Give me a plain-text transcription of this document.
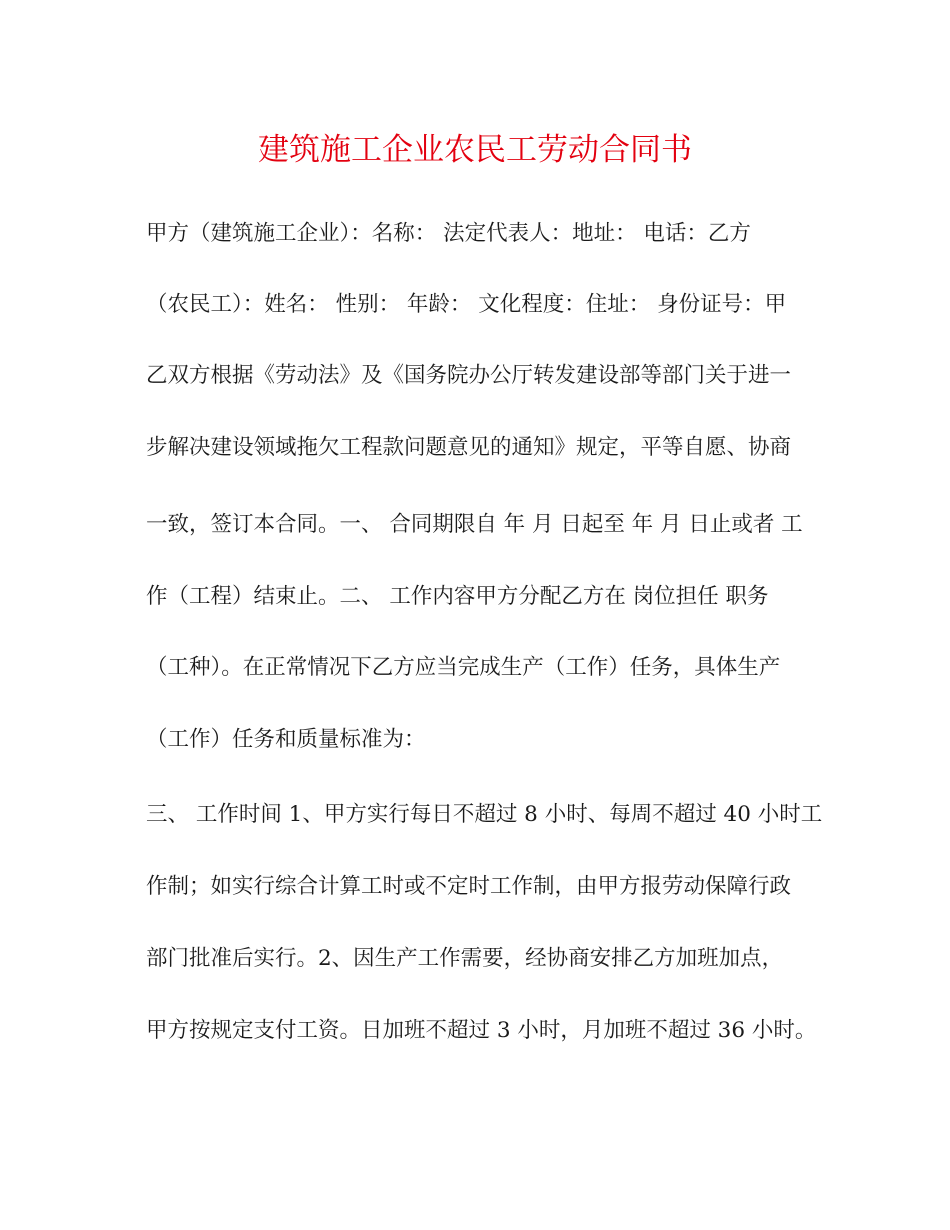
建筑施工企业农民工劳动合同书
甲方（建筑施工企业）：名称： 法定代表人：地址： 电话：乙方
（农民工）：姓名： 性别： 年龄： 文化程度：住址： 身份证号：甲
乙双方根据《劳动法》及《国务院办公厅转发建设部等部门关于进一
步解决建设领域拖欠工程款问题意见的通知》规定，平等自愿、协商
一致，签订本合同。一、 合同期限自 年 月 日起至 年 月 日止或者 工
作（工程）结束止。二、 工作内容甲方分配乙方在 岗位担任 职务
（工种）。在正常情况下乙方应当完成生产（工作）任务，具体生产
（工作）任务和质量标准为：
三、 工作时间 1、甲方实行每日不超过 8 小时、每周不超过 40 小时工
作制；如实行综合计算工时或不定时工作制，由甲方报劳动保障行政
部门批准后实行。2、因生产工作需要，经协商安排乙方加班加点，
甲方按规定支付工资。日加班不超过 3 小时，月加班不超过 36 小时。
